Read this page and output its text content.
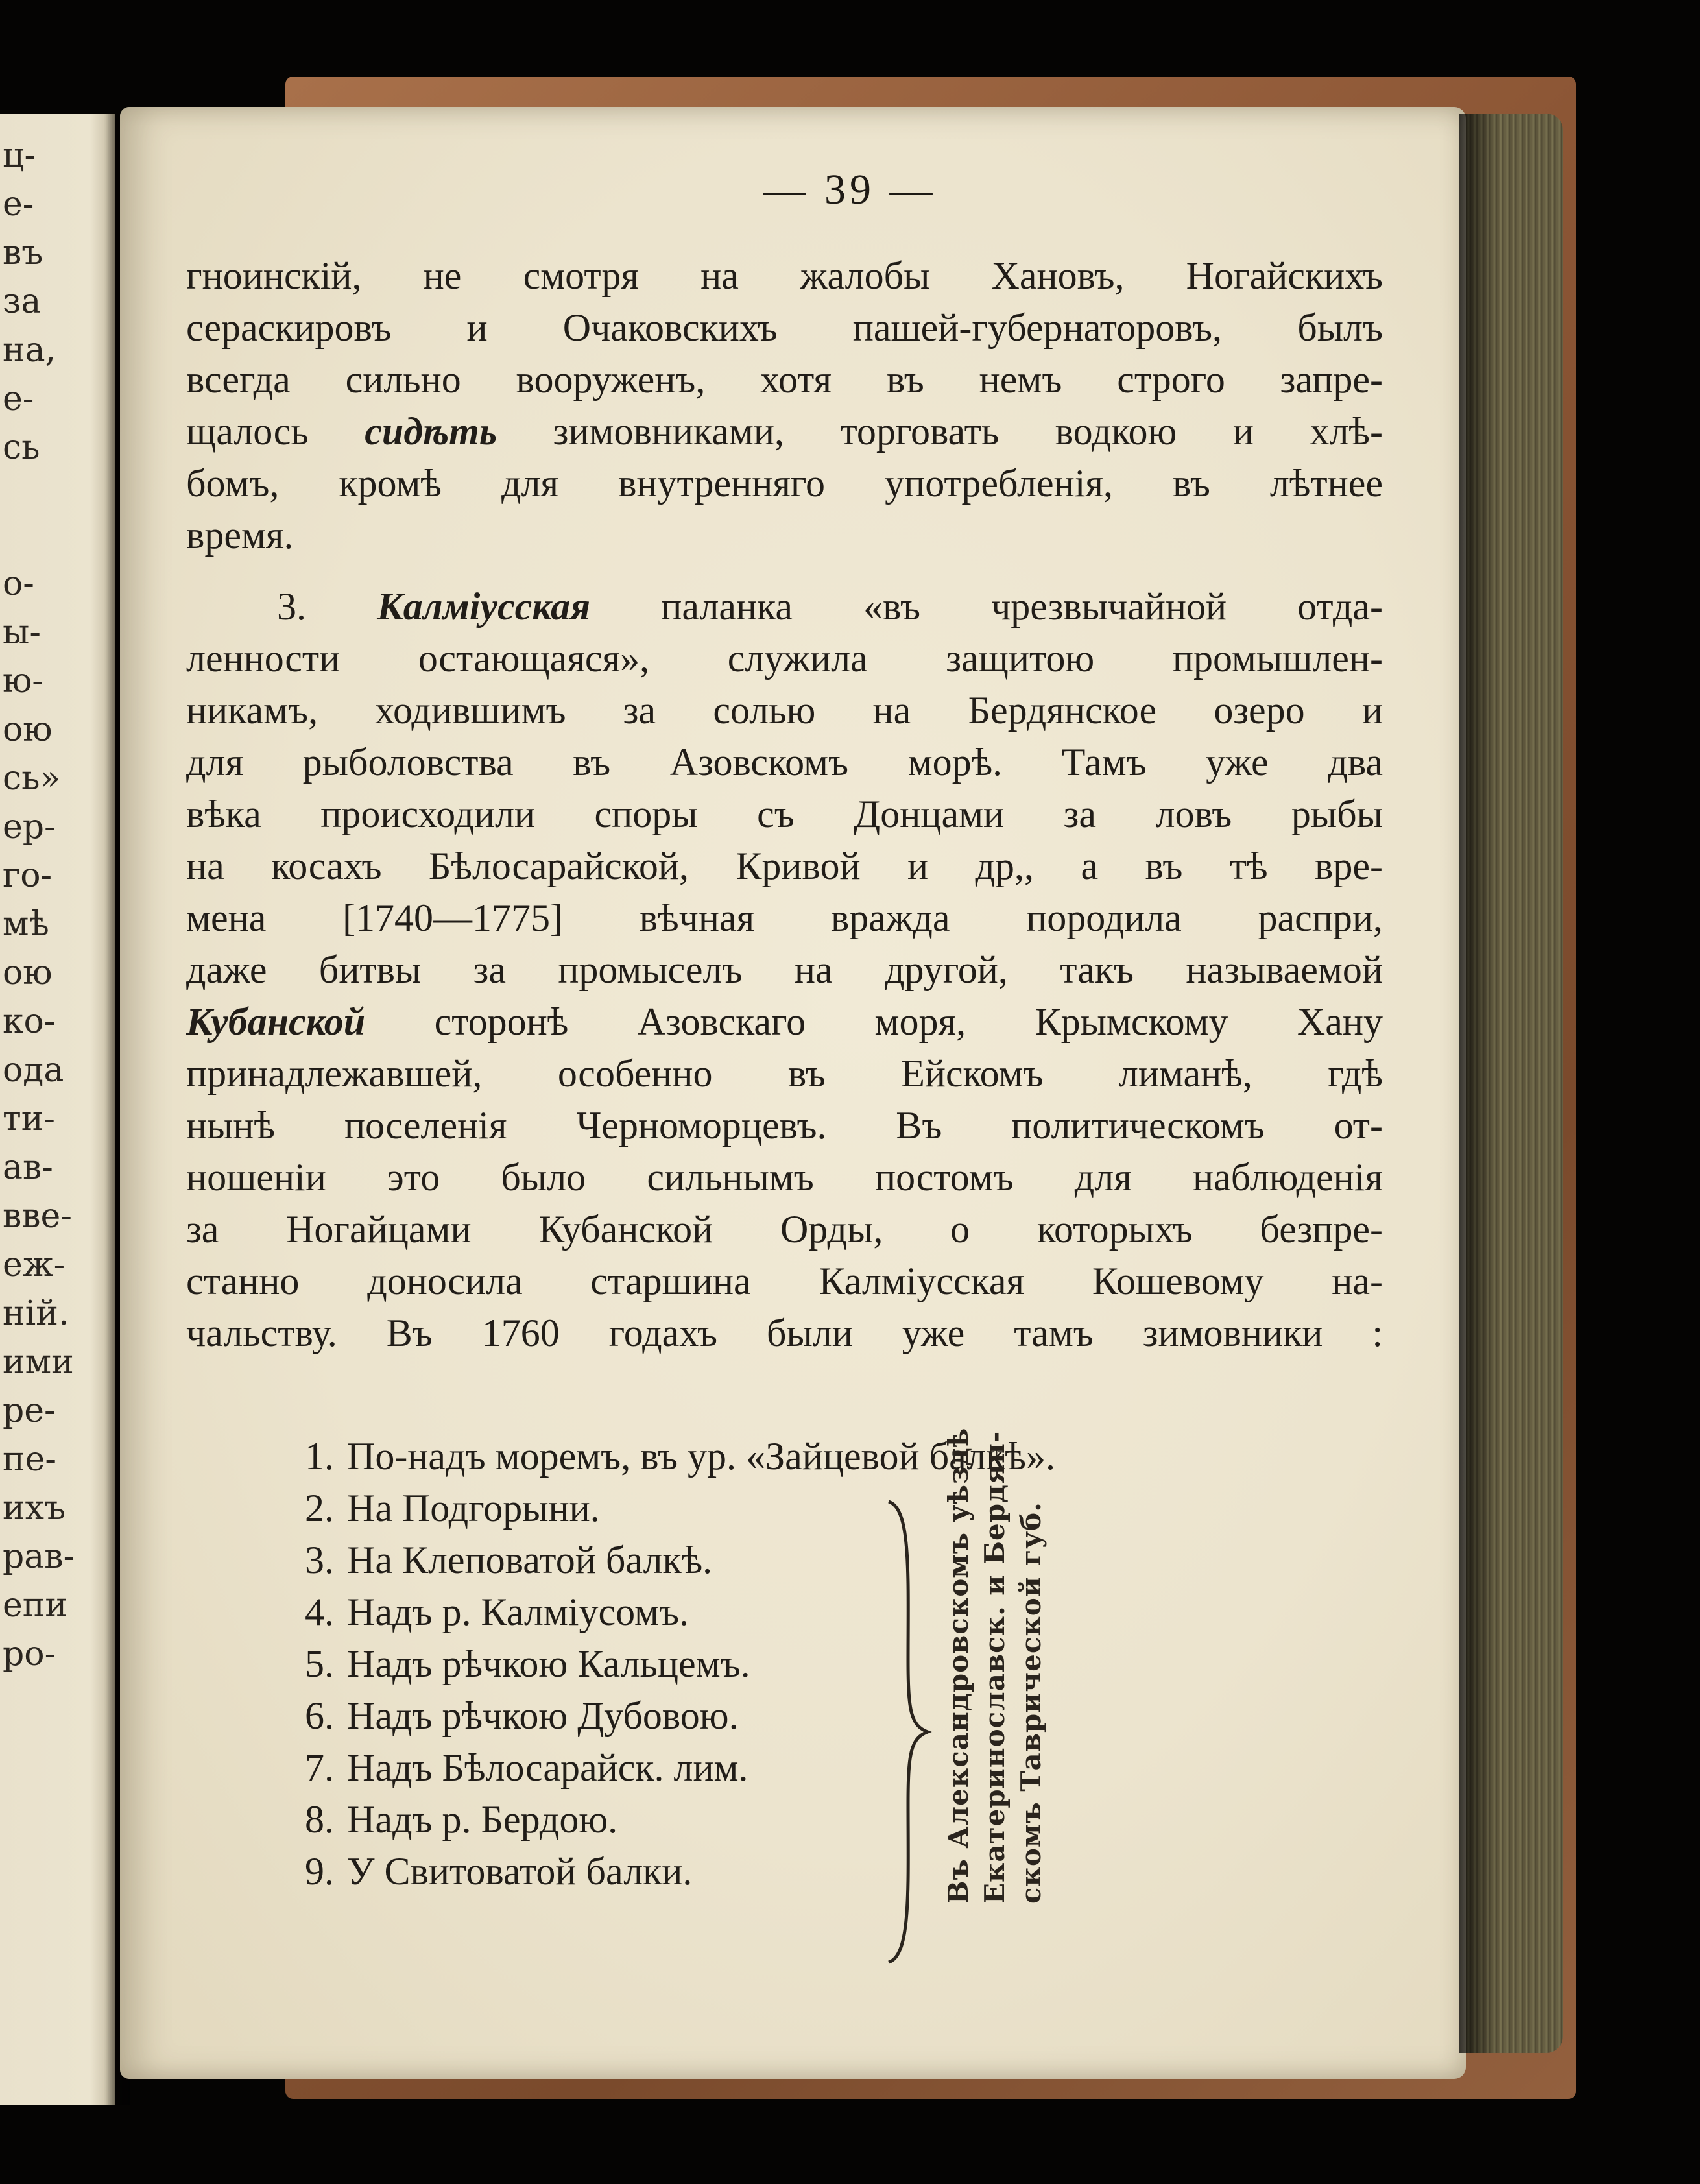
ц-
е-
въ
за
на,
е-
сь
о-
ы-
ю-
ою
сь»
ер-
го-
мѣ
ою
ко-
ода
ти-
ав-
вве-
еж-
ній.
ими
ре-
пе-
ихъ
рав-
епи
ро-
— 39 —
гноинскій, не смотря на жалобы Хановъ, Ногайскихъ
сераскировъ и Очаковскихъ пашей-губернаторовъ, былъ
всегда сильно вооруженъ, хотя въ немъ строго запре-
щалось сидѣть зимовниками, торговать водкою и хлѣ-
бомъ, кромѣ для внутренняго употребленія, въ лѣтнее
время.
3. Калміусская паланка «въ чрезвычайной отда-
ленности остающаяся», служила защитою промышлен-
никамъ, ходившимъ за солью на Бердянское озеро и
для рыболовства въ Азовскомъ морѣ. Тамъ уже два
вѣка происходили споры съ Донцами за ловъ рыбы
на косахъ Бѣлосарайской, Кривой и др,, а въ тѣ вре-
мена [1740—1775] вѣчная вражда породила распри,
даже битвы за промыселъ на другой, такъ называемой
Кубанской сторонѣ Азовскаго моря, Крымскому Хану
принадлежавшей, особенно въ Ейскомъ лиманѣ, гдѣ
нынѣ поселенія Черноморцевъ. Въ политическомъ от-
ношеніи это было сильнымъ постомъ для наблюденія
за Ногайцами Кубанской Орды, о которыхъ безпре-
станно доносила старшина Калміусская Кошевому на-
чальству. Въ 1760 годахъ были уже тамъ зимовники :
1. По-надъ моремъ, въ ур. «Зайцевой балкѣ».
2. На Подгорыни.
3. На Клеповатой балкѣ.
4. Надъ р. Калміусомъ.
5. Надъ рѣчкою Кальцемъ.
6. Надъ рѣчкою Дубовою.
7. Надъ Бѣлосарайск. лим.
8. Надъ р. Бердою.
9. У Свитоватой балки.	Въ Александровскомъ уѣздѣ Екатеринославск. и Бердян- скомъ Таврической губ.
